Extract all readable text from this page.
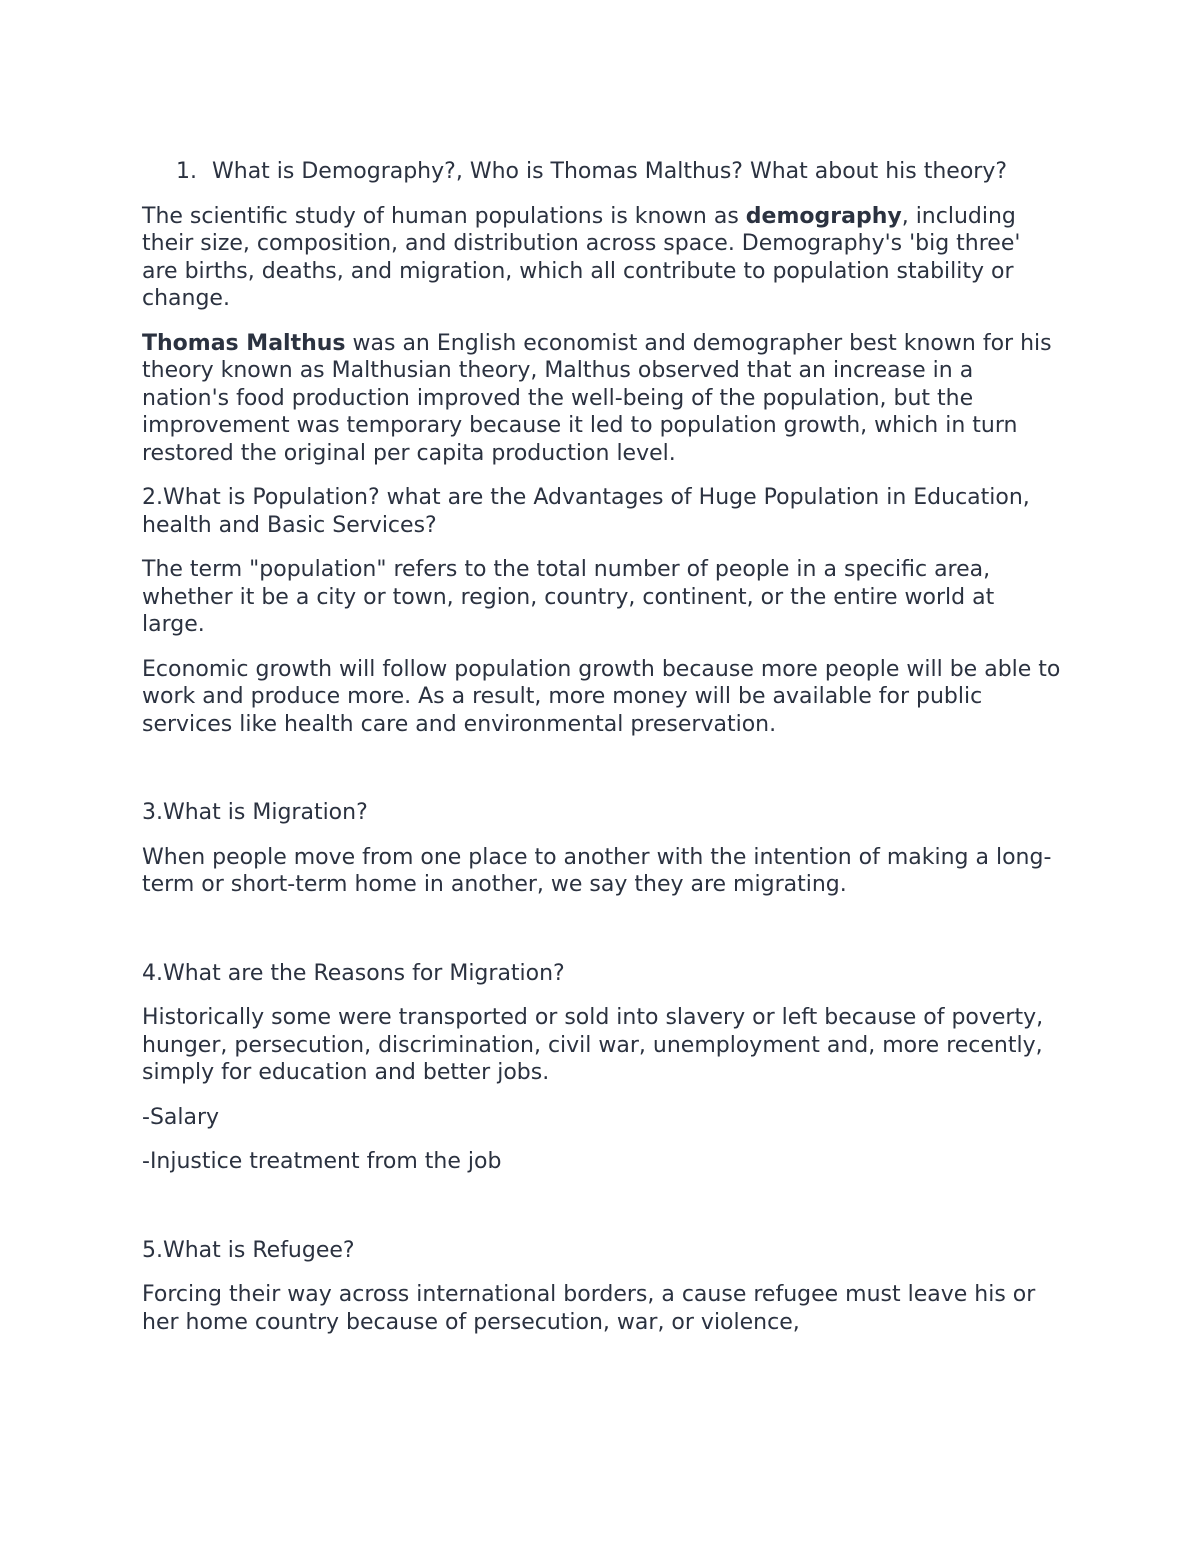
1. What is Demography?, Who is Thomas Malthus? What about his theory?

The scientific study of human populations is known as demography, including their size, composition, and distribution across space. Demography's 'big three' are births, deaths, and migration, which all contribute to population stability or change.

Thomas Malthus was an English economist and demographer best known for his theory known as Malthusian theory, Malthus observed that an increase in a nation's food production improved the well-being of the population, but the improvement was temporary because it led to population growth, which in turn restored the original per capita production level.

2.What is Population? what are the Advantages of Huge Population in Education, health and Basic Services?

The term "population" refers to the total number of people in a specific area, whether it be a city or town, region, country, continent, or the entire world at large.

Economic growth will follow population growth because more people will be able to work and produce more. As a result, more money will be available for public services like health care and environmental preservation.

3.What is Migration?

When people move from one place to another with the intention of making a long-term or short-term home in another, we say they are migrating.

4.What are the Reasons for Migration?

Historically some were transported or sold into slavery or left because of poverty, hunger, persecution, discrimination, civil war, unemployment and, more recently, simply for education and better jobs.

-Salary

-Injustice treatment from the job

5.What is Refugee?

Forcing their way across international borders, a cause refugee must leave his or her home country because of persecution, war, or violence,
